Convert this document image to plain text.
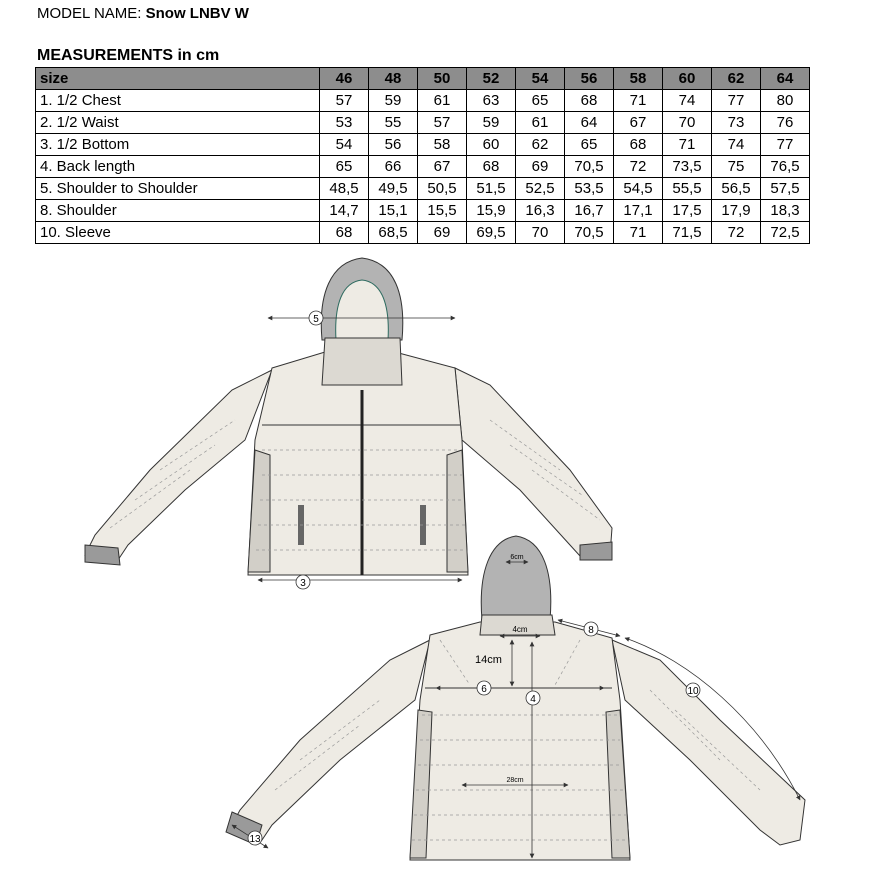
MODEL NAME: Snow LNBV W
MEASUREMENTS in cm
size	46	48	50	52	54	56	58	60	62	64
1. 1/2 Chest	57	59	61	63	65	68	71	74	77	80
2. 1/2 Waist	53	55	57	59	61	64	67	70	73	76
3. 1/2 Bottom	54	56	58	60	62	65	68	71	74	77
4. Back length	65	66	67	68	69	70,5	72	73,5	75	76,5
5. Shoulder to Shoulder	48,5	49,5	50,5	51,5	52,5	53,5	54,5	55,5	56,5	57,5
8. Shoulder	14,7	15,1	15,5	15,9	16,3	16,7	17,1	17,5	17,9	18,3
10. Sleeve	68	68,5	69	69,5	70	70,5	71	71,5	72	72,5
5
3
6cm
4cm
14cm
8
6
4
10
28cm
13
